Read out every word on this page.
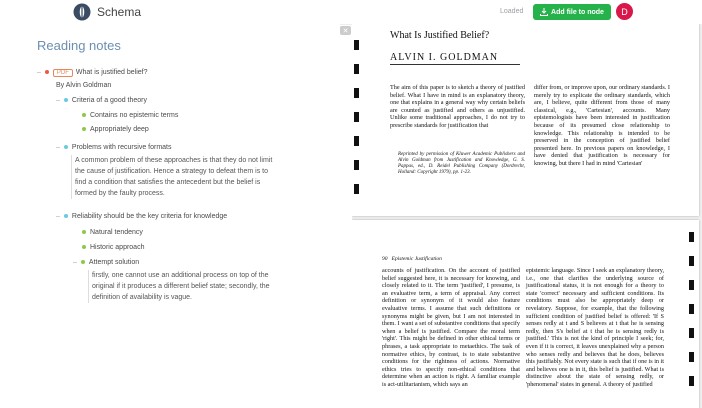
Schema	Loaded	Add file to node	D
Reading notes
–	PDF What is justified belief?
By Alvin Goldman
– Criteria of a good theory
Contains no epistemic terms
Appropriately deep
– Problems with recursive formats
A common problem of these approaches is that they do not limit the cause of justification. Hence a strategy to defeat them is to find a condition that satisfies the antecedent but the belief is formed by the faulty process.
– Reliability should be the key criteria for knowledge
Natural tendency
Historic approach
– Attempt solution
firstly, one cannot use an additional process on top of the original if it produces a different belief state; secondly, the definition of availability is vague.
✕	What Is Justified Belief?
ALVIN I. GOLDMAN
The aim of this paper is to sketch a theory of justified belief. What I have in mind is an explanatory theory, one that explains in a general way why certain beliefs are counted as justified and others as unjustified. Unlike some traditional approaches, I do not try to prescribe standards for justification that
Reprinted by permission of Kluwer Academic Publishers and Alvin Goldman from Justification and Knowledge, G. S. Pappas, ed., D. Reidel Publishing Company (Dordrecht, Holland: Copyright 1979), pp. 1-23.
differ from, or improve upon, our ordinary standards. I merely try to explicate the ordinary standards, which are, I believe, quite different from those of many classical, e.g., 'Cartesian', accounts. Many epistemologists have been interested in justification because of its presumed close relationship to knowledge. This relationship is intended to be preserved in the conception of justified belief presented here. In previous papers on knowledge, I have denied that justification is necessary for knowing, but there I had in mind 'Cartesian'
90 Epistemic Justification
accounts of justification. On the account of justified belief suggested here, it is necessary for knowing, and closely related to it. The term 'justified', I presume, is an evaluative term, a term of appraisal. Any correct definition or synonym of it would also feature evaluative terms. I assume that such definitions or synonyms might be given, but I am not interested in them. I want a set of substantive conditions that specify when a belief is justified. Compare the moral term 'right'. This might be defined in other ethical terms or phrases, a task appropriate to metaethics. The task of normative ethics, by contrast, is to state substantive conditions for the rightness of actions. Normative ethics tries to specify non-ethical conditions that determine when an action is right. A familiar example is act-utilitarianism, which says an
epistemic language. Since I seek an explanatory theory, i.e., one that clarifies the underlying source of justificational status, it is not enough for a theory to state 'correct' necessary and sufficient conditions. Its conditions must also be appropriately deep or revelatory. Suppose, for example, that the following sufficient condition of justified belief is offered: 'If S senses redly at t and S believes at t that he is sensing redly, then S's belief at t that he is sensing redly is justified.' This is not the kind of principle I seek; for, even if it is correct, it leaves unexplained why a person who senses redly and believes that he does, believes this justifiably. Not every state is such that if one is in it and believes one is in it, this belief is justified. What is distinctive about the state of sensing redly, or 'phenomenal' states in general. A theory of justified
